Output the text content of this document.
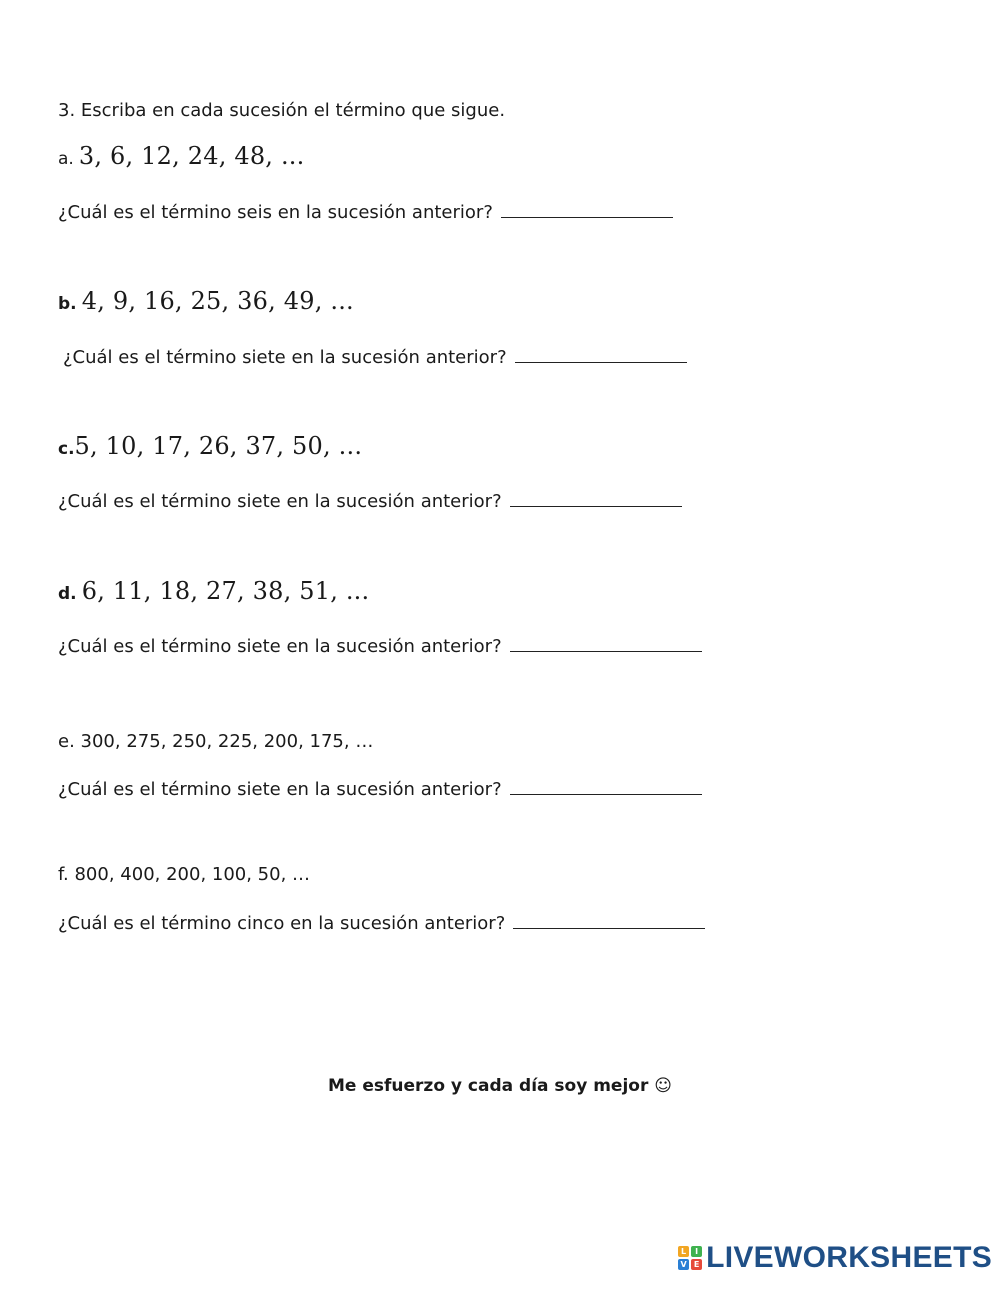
3. Escriba en cada sucesión el término que sigue.
a. 3, 6, 12, 24, 48, ...
¿Cuál es el término seis en la sucesión anterior?
b. 4, 9, 16, 25, 36, 49, ...
¿Cuál es el término siete en la sucesión anterior?
c.5, 10, 17, 26, 37, 50, ...
¿Cuál es el término siete en la sucesión anterior?
d. 6, 11, 18, 27, 38, 51, ...
¿Cuál es el término siete en la sucesión anterior?
e. 300, 275, 250, 225, 200, 175, …
¿Cuál es el término siete en la sucesión anterior?
f. 800, 400, 200, 100, 50, …
¿Cuál es el término cinco en la sucesión anterior?
Me esfuerzo y cada día soy mejor ☺
L	I
V E LIVEWORKSHEETS
